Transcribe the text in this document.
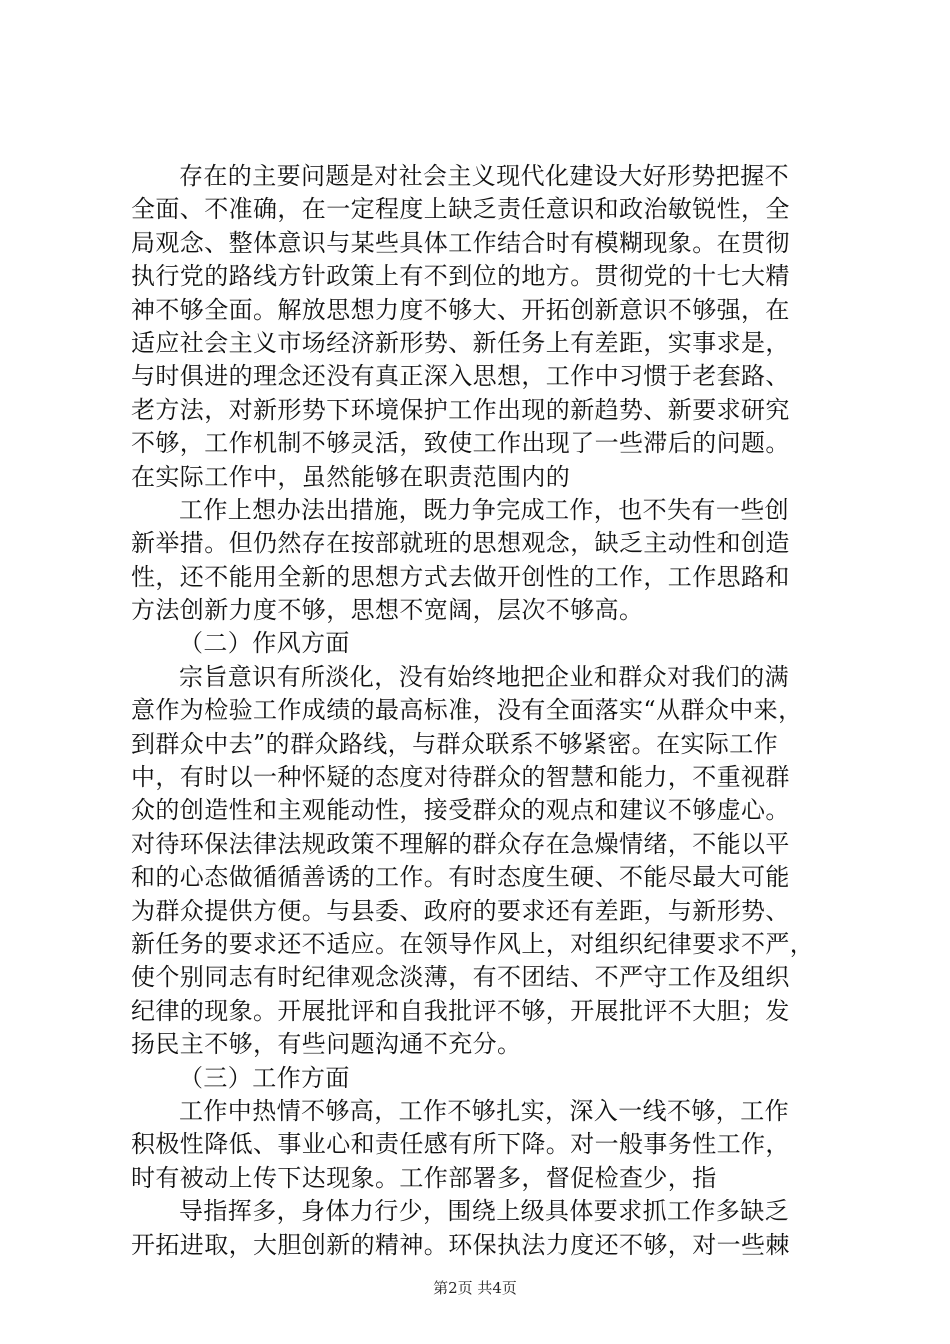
存在的主要问题是对社会主义现代化建设大好形势把握不
全面、不准确，在一定程度上缺乏责任意识和政治敏锐性，全
局观念、整体意识与某些具体工作结合时有模糊现象。在贯彻
执行党的路线方针政策上有不到位的地方。贯彻党的十七大精
神不够全面。解放思想力度不够大、开拓创新意识不够强，在
适应社会主义市场经济新形势、新任务上有差距，实事求是，
与时俱进的理念还没有真正深入思想，工作中习惯于老套路、
老方法，对新形势下环境保护工作出现的新趋势、新要求研究
不够，工作机制不够灵活，致使工作出现了一些滞后的问题。
在实际工作中，虽然能够在职责范围内的
工作上想办法出措施，既力争完成工作，也不失有一些创
新举措。但仍然存在按部就班的思想观念，缺乏主动性和创造
性，还不能用全新的思想方式去做开创性的工作，工作思路和
方法创新力度不够，思想不宽阔，层次不够高。
（二）作风方面
宗旨意识有所淡化，没有始终地把企业和群众对我们的满
意作为检验工作成绩的最高标准，没有全面落实“从群众中来，
到群众中去”的群众路线，与群众联系不够紧密。在实际工作
中，有时以一种怀疑的态度对待群众的智慧和能力，不重视群
众的创造性和主观能动性，接受群众的观点和建议不够虚心。
对待环保法律法规政策不理解的群众存在急燥情绪，不能以平
和的心态做循循善诱的工作。有时态度生硬、不能尽最大可能
为群众提供方便。与县委、政府的要求还有差距，与新形势、
新任务的要求还不适应。在领导作风上，对组织纪律要求不严，
使个别同志有时纪律观念淡薄，有不团结、不严守工作及组织
纪律的现象。开展批评和自我批评不够，开展批评不大胆；发
扬民主不够，有些问题沟通不充分。
（三）工作方面
工作中热情不够高，工作不够扎实，深入一线不够，工作
积极性降低、事业心和责任感有所下降。对一般事务性工作，
时有被动上传下达现象。工作部署多，督促检查少，指
导指挥多，身体力行少，围绕上级具体要求抓工作多缺乏
开拓进取，大胆创新的精神。环保执法力度还不够，对一些棘
第2页 共4页
